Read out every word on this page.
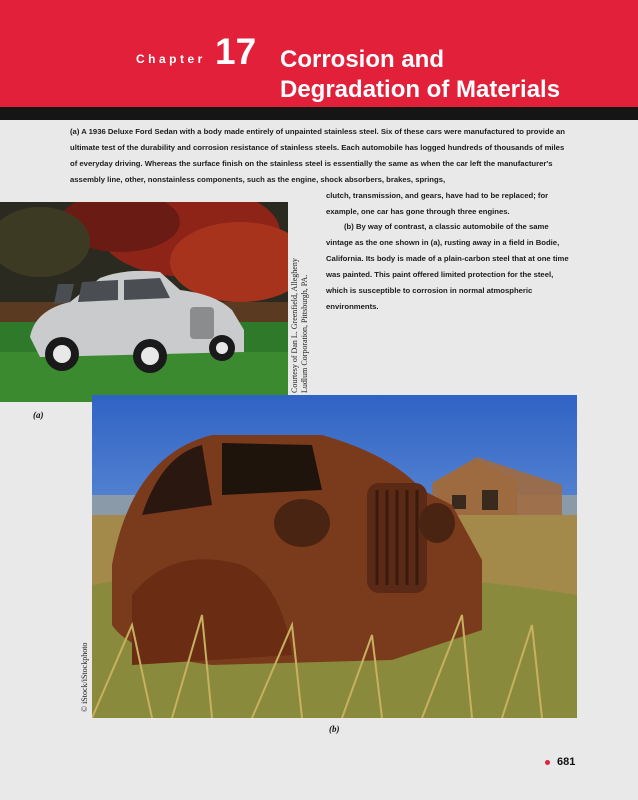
Chapter 17 Corrosion and
Degradation of Materials

(a) A 1936 Deluxe Ford Sedan with a body made entirely of unpainted stainless steel. Six of these cars were manufactured to provide an ultimate test of the durability and corrosion resistance of stainless steels. Each automobile has logged hundreds of thousands of miles of everyday driving. Whereas the surface finish on the stainless steel is essentially the same as when the car left the manufacturer's assembly line, other, nonstainless components, such as the engine, shock absorbers, brakes, springs,

clutch, transmission, and gears, have had to be replaced; for example, one car has gone through three engines.

(b) By way of contrast, a classic automobile of the same vintage as the one shown in (a), rusting away in a field in Bodie, California. Its body is made of a plain-carbon steel that at one time was painted. This paint offered limited protection for the steel, which is susceptible to corrosion in normal atmospheric environments.

Courtesy of Dan L. Greenfield, Allegheny
Ludlum Corporation, Pittsburgh, PA.
(a)
© iStock/iStockphoto
(b)
681
